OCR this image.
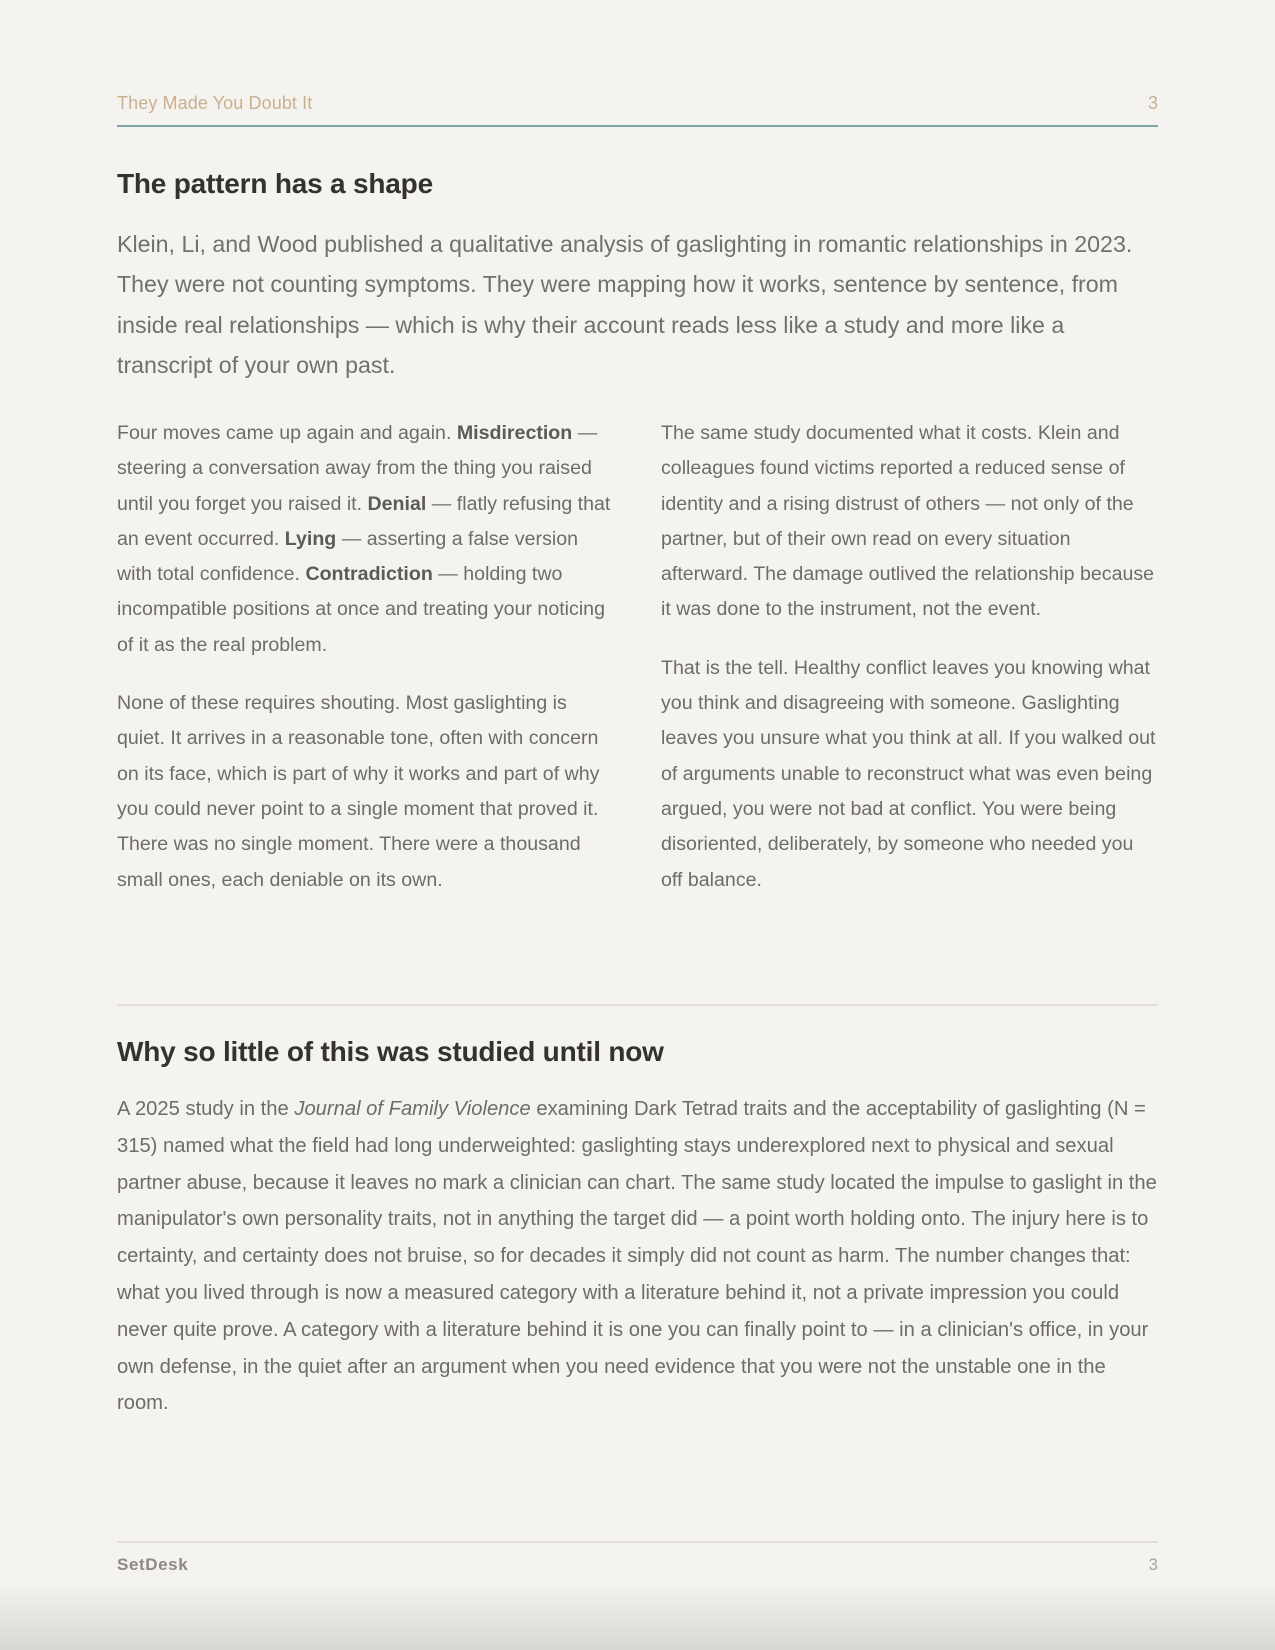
They Made You Doubt It	3
The pattern has a shape

Klein, Li, and Wood published a qualitative analysis of gaslighting in romantic relationships in 2023. They were not counting symptoms. They were mapping how it works, sentence by sentence, from inside real relationships — which is why their account reads less like a study and more like a transcript of your own past.

Four moves came up again and again. Misdirection — steering a conversation away from the thing you raised until you forget you raised it. Denial — flatly refusing that an event occurred. Lying — asserting a false version with total confidence. Contradiction — holding two incompatible positions at once and treating your noticing of it as the real problem.

None of these requires shouting. Most gaslighting is quiet. It arrives in a reasonable tone, often with concern on its face, which is part of why it works and part of why you could never point to a single moment that proved it. There was no single moment. There were a thousand small ones, each deniable on its own.

The same study documented what it costs. Klein and colleagues found victims reported a reduced sense of identity and a rising distrust of others — not only of the partner, but of their own read on every situation afterward. The damage outlived the relationship because it was done to the instrument, not the event.

That is the tell. Healthy conflict leaves you knowing what you think and disagreeing with someone. Gaslighting leaves you unsure what you think at all. If you walked out of arguments unable to reconstruct what was even being argued, you were not bad at conflict. You were being disoriented, deliberately, by someone who needed you off balance.

Why so little of this was studied until now

A 2025 study in the Journal of Family Violence examining Dark Tetrad traits and the acceptability of gaslighting (N = 315) named what the field had long underweighted: gaslighting stays underexplored next to physical and sexual partner abuse, because it leaves no mark a clinician can chart. The same study located the impulse to gaslight in the manipulator's own personality traits, not in anything the target did — a point worth holding onto. The injury here is to certainty, and certainty does not bruise, so for decades it simply did not count as harm. The number changes that: what you lived through is now a measured category with a literature behind it, not a private impression you could never quite prove. A category with a literature behind it is one you can finally point to — in a clinician's office, in your own defense, in the quiet after an argument when you need evidence that you were not the unstable one in the room.

SetDesk	3
